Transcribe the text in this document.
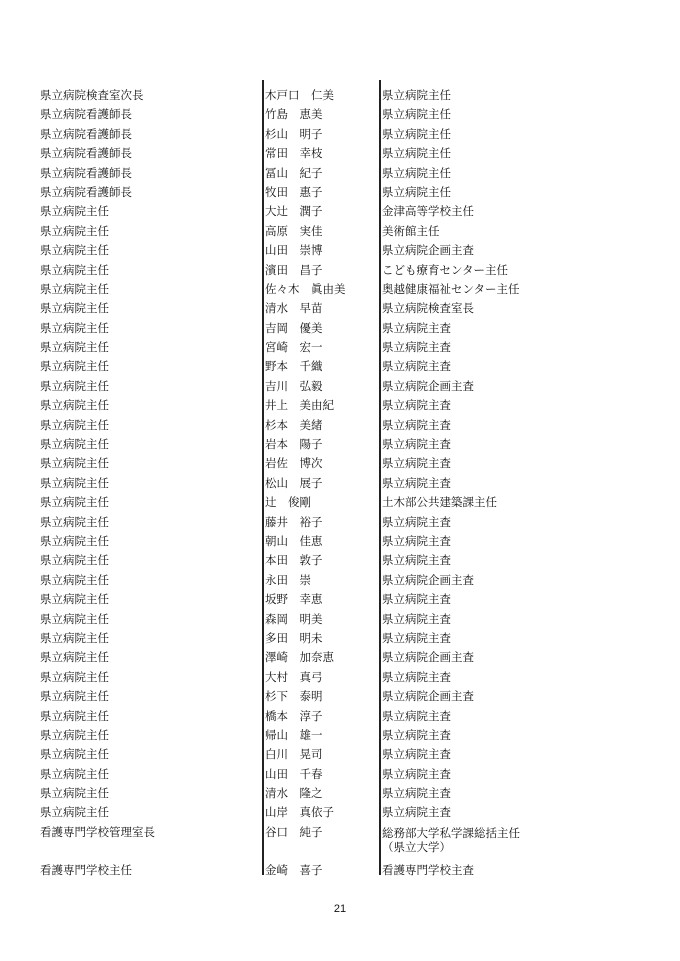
県立病院検査室次長	木戸口　仁美	県立病院主任
県立病院看護師長	竹島　恵美	県立病院主任
県立病院看護師長	杉山　明子	県立病院主任
県立病院看護師長	常田　幸枝	県立病院主任
県立病院看護師長	冨山　紀子	県立病院主任
県立病院看護師長	牧田　惠子	県立病院主任
県立病院主任	大辻　潤子	金津高等学校主任
県立病院主任	高原　実佳	美術館主任
県立病院主任	山田　崇博	県立病院企画主査
県立病院主任	濱田　昌子	こども療育センター主任
県立病院主任	佐々木　眞由美	奥越健康福祉センター主任
県立病院主任	清水　早苗	県立病院検査室長
県立病院主任	吉岡　優美	県立病院主査
県立病院主任	宮崎　宏一	県立病院主査
県立病院主任	野本　千織	県立病院主査
県立病院主任	吉川　弘毅	県立病院企画主査
県立病院主任	井上　美由紀	県立病院主査
県立病院主任	杉本　美緒	県立病院主査
県立病院主任	岩本　陽子	県立病院主査
県立病院主任	岩佐　博次	県立病院主査
県立病院主任	松山　展子	県立病院主査
県立病院主任	辻　俊剛	土木部公共建築課主任
県立病院主任	藤井　裕子	県立病院主査
県立病院主任	朝山　佳恵	県立病院主査
県立病院主任	本田　敦子	県立病院主査
県立病院主任	永田　崇	県立病院企画主査
県立病院主任	坂野　幸恵	県立病院主査
県立病院主任	森岡　明美	県立病院主査
県立病院主任	多田　明未	県立病院主査
県立病院主任	澤崎　加奈恵	県立病院企画主査
県立病院主任	大村　真弓	県立病院主査
県立病院主任	杉下　泰明	県立病院企画主査
県立病院主任	橋本　淳子	県立病院主査
県立病院主任	帰山　雄一	県立病院主査
県立病院主任	白川　晃司	県立病院主査
県立病院主任	山田　千春	県立病院主査
県立病院主任	清水　隆之	県立病院主査
県立病院主任	山岸　真依子	県立病院主査
看護専門学校管理室長	谷口　純子	総務部大学私学課総括主任
（県立大学）
看護専門学校主任	金崎　喜子	看護専門学校主査
21
